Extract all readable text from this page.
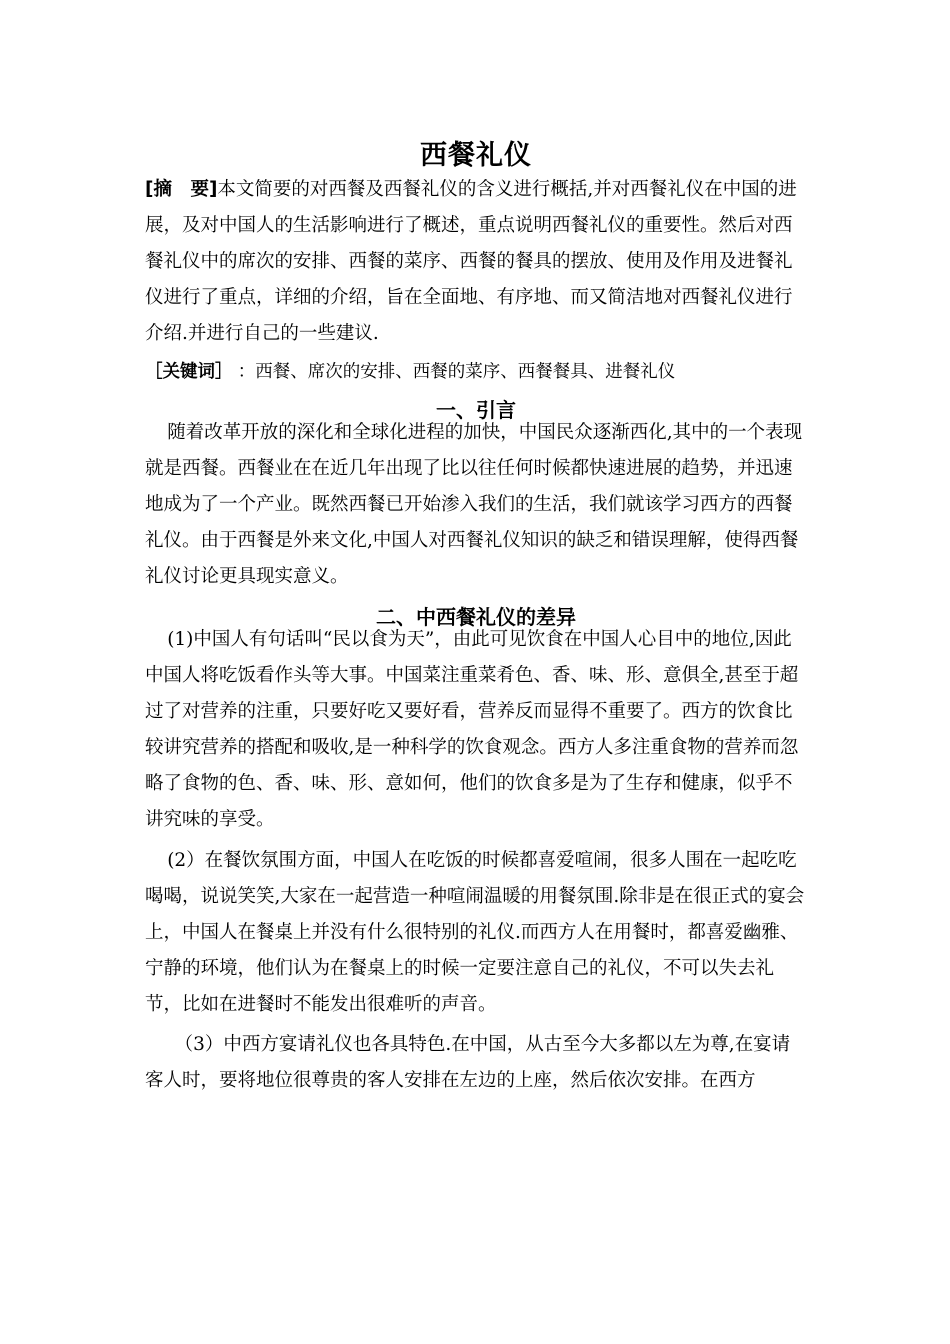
西餐礼仪

[摘　要]本文简要的对西餐及西餐礼仪的含义进行概括,并对西餐礼仪在中国的进展，及对中国人的生活影响进行了概述，重点说明西餐礼仪的重要性。然后对西餐礼仪中的席次的安排、西餐的菜序、西餐的餐具的摆放、使用及作用及进餐礼仪进行了重点，详细的介绍，旨在全面地、有序地、而又简洁地对西餐礼仪进行介绍.并进行自己的一些建议.

［关键词］ ：西餐、席次的安排、西餐的菜序、西餐餐具、进餐礼仪
一、引言

随着改革开放的深化和全球化进程的加快，中国民众逐渐西化,其中的一个表现就是西餐。西餐业在在近几年出现了比以往任何时候都快速进展的趋势，并迅速地成为了一个产业。既然西餐已开始渗入我们的生活，我们就该学习西方的西餐礼仪。由于西餐是外来文化,中国人对西餐礼仪知识的缺乏和错误理解，使得西餐礼仪讨论更具现实意义。

二、中西餐礼仪的差异

(1)中国人有句话叫“民以食为天”，由此可见饮食在中国人心目中的地位,因此中国人将吃饭看作头等大事。中国菜注重菜肴色、香、味、形、意俱全,甚至于超过了对营养的注重，只要好吃又要好看，营养反而显得不重要了。西方的饮食比较讲究营养的搭配和吸收,是一种科学的饮食观念。西方人多注重食物的营养而忽略了食物的色、香、味、形、意如何，他们的饮食多是为了生存和健康，似乎不讲究味的享受。

(2）在餐饮氛围方面，中国人在吃饭的时候都喜爱喧闹，很多人围在一起吃吃喝喝，说说笑笑,大家在一起营造一种喧闹温暖的用餐氛围.除非是在很正式的宴会上，中国人在餐桌上并没有什么很特别的礼仪.而西方人在用餐时，都喜爱幽雅、宁静的环境，他们认为在餐桌上的时候一定要注意自己的礼仪，不可以失去礼节，比如在进餐时不能发出很难听的声音。

（3）中西方宴请礼仪也各具特色.在中国，从古至今大多都以左为尊,在宴请客人时，要将地位很尊贵的客人安排在左边的上座，然后依次安排。在西方
